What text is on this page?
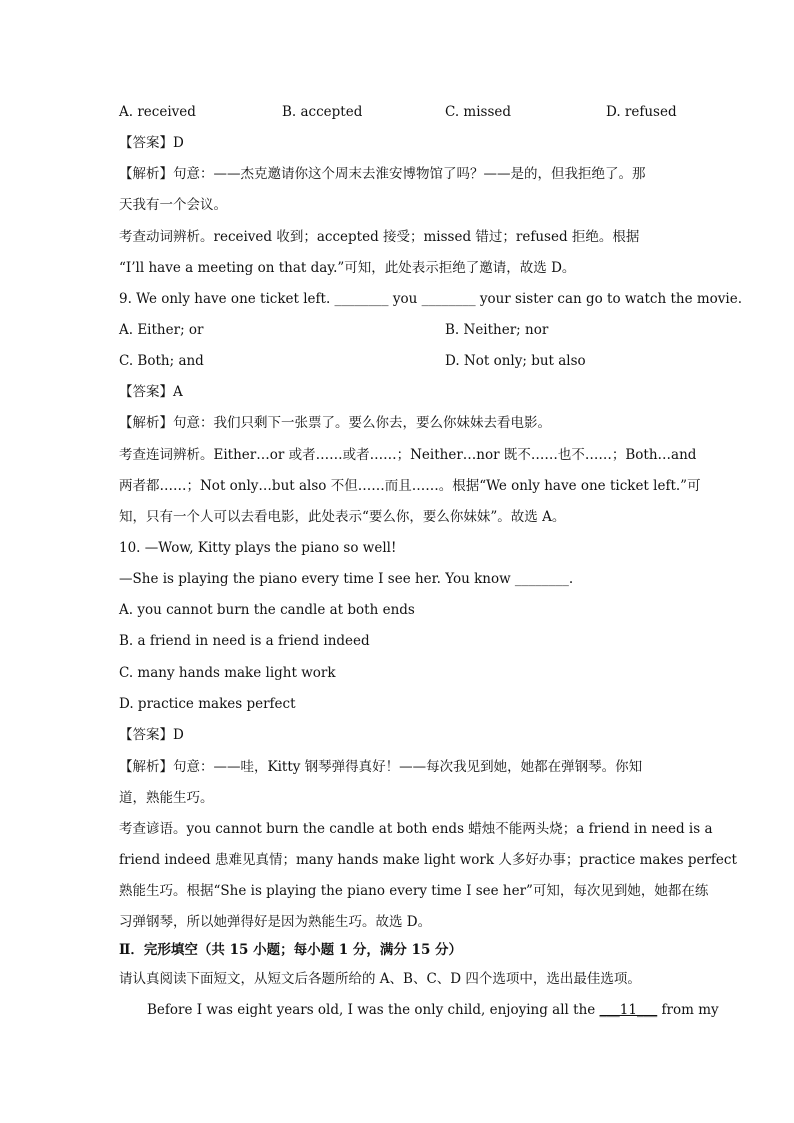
A. received	B. accepted	C. missed	D. refused
【答案】D
【解析】句意：——杰克邀请你这个周末去淮安博物馆了吗？——是的，但我拒绝了。那
天我有一个会议。
考查动词辨析。received 收到；accepted 接受；missed 错过；refused 拒绝。根据
“I’ll have a meeting on that day.”可知，此处表示拒绝了邀请，故选 D。
9. We only have one ticket left. ________ you ________ your sister can go to watch the movie.
A. Either; or	B. Neither; nor
C. Both; and	D. Not only; but also
【答案】A
【解析】句意：我们只剩下一张票了。要么你去，要么你妹妹去看电影。
考查连词辨析。Either…or 或者……或者……；Neither…nor 既不……也不……；Both…and
两者都……；Not only…but also 不但……而且……。根据“We only have one ticket left.”可
知，只有一个人可以去看电影，此处表示“要么你，要么你妹妹”。故选 A。
10. —Wow, Kitty plays the piano so well!
—She is playing the piano every time I see her. You know ________.
A. you cannot burn the candle at both ends
B. a friend in need is a friend indeed
C. many hands make light work
D. practice makes perfect
【答案】D
【解析】句意：——哇，Kitty 钢琴弹得真好！——每次我见到她，她都在弹钢琴。你知
道，熟能生巧。
考查谚语。you cannot burn the candle at both ends 蜡烛不能两头烧；a friend in need is a
friend indeed 患难见真情；many hands make light work 人多好办事；practice makes perfect
熟能生巧。根据“She is playing the piano every time I see her”可知，每次见到她，她都在练
习弹钢琴，所以她弹得好是因为熟能生巧。故选 D。
Ⅱ．完形填空（共 15 小题；每小题 1 分，满分 15 分）
请认真阅读下面短文，从短文后各题所给的 A、B、C、D 四个选项中，选出最佳选项。
Before I was eight years old, I was the only child, enjoying all the ___11___ from my
